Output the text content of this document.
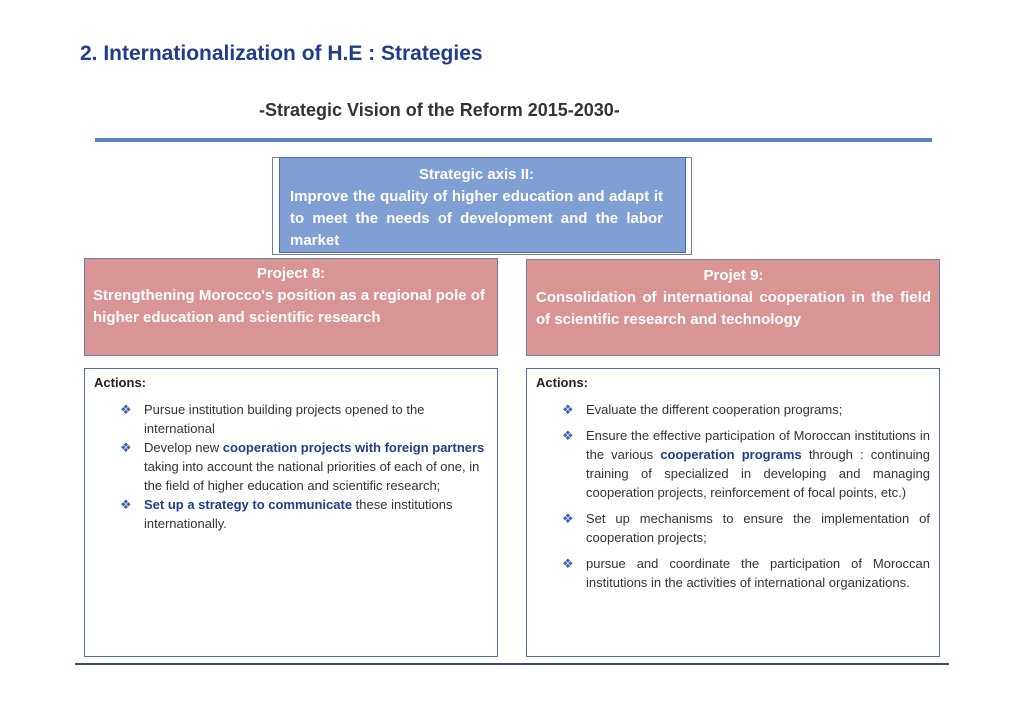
2. Internationalization of H.E : Strategies
-Strategic Vision of the Reform 2015-2030-
Strategic axis II:
Improve the quality of higher education and adapt it to meet the needs of development and the labor market
Project 8:
Strengthening Morocco's position as a regional pole of higher education and scientific research
Projet 9:
Consolidation of international cooperation in the field of scientific research and technology
Actions:
❖ Pursue institution building projects opened to the international
❖ Develop new cooperation projects with foreign partners taking into account the national priorities of each of one, in the field of higher education and scientific research;
❖ Set up a strategy to communicate these institutions internationally.
Actions:
❖ Evaluate the different cooperation programs;
❖ Ensure the effective participation of Moroccan institutions in the various cooperation programs through : continuing training of specialized in developing and managing cooperation projects, reinforcement of focal points, etc.)
❖ Set up mechanisms to ensure the implementation of cooperation projects;
❖ pursue and coordinate the participation of Moroccan institutions in the activities of international organizations.
